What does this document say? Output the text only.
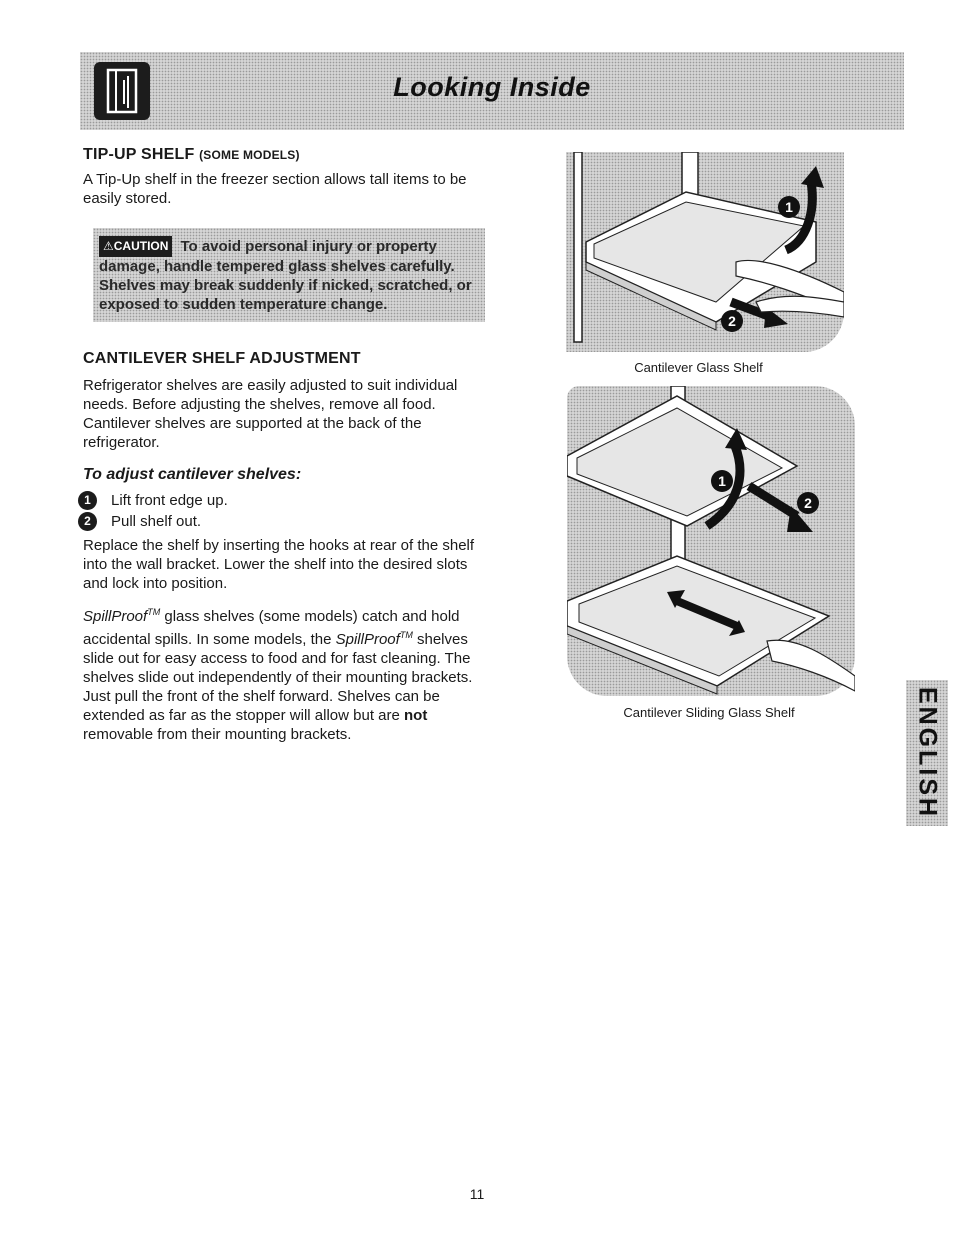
Looking Inside
TIP-UP SHELF (SOME MODELS)

A Tip-Up shelf in the freezer section allows tall items to be easily stored.

⚠CAUTION To avoid personal injury or property damage, handle tempered glass shelves carefully. Shelves may break suddenly if nicked, scratched, or exposed to sudden temperature change.
CANTILEVER SHELF ADJUSTMENT

Refrigerator shelves are easily adjusted to suit individual needs. Before adjusting the shelves, remove all food. Cantilever shelves are supported at the back of the refrigerator.

To adjust cantilever shelves:
1	Lift front edge up.
2	Pull shelf out.

Replace the shelf by inserting the hooks at rear of the shelf into the wall bracket. Lower the shelf into the desired slots and lock into position.

SpillProof™ glass shelves (some models) catch and hold accidental spills. In some models, the SpillProof™ shelves slide out for easy access to food and for fast cleaning. The shelves slide out independently of their mounting brackets. Just pull the front of the shelf forward. Shelves can be extended as far as the stopper will allow but are not removable from their mounting brackets.

1
2
Cantilever Glass Shelf
1
2
Cantilever Sliding Glass Shelf	ENGLISH
11
